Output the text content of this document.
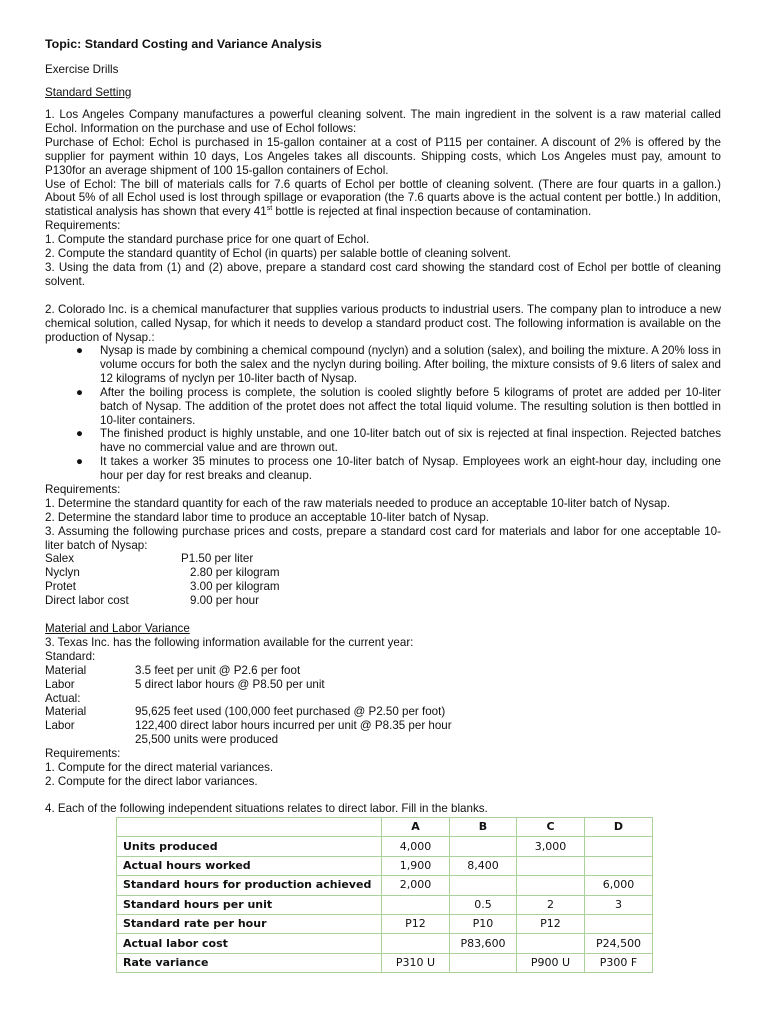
Topic: Standard Costing and Variance Analysis
Exercise Drills
Standard Setting

1. Los Angeles Company manufactures a powerful cleaning solvent. The main ingredient in the solvent is a raw material called Echol. Information on the purchase and use of Echol follows:

Purchase of Echol: Echol is purchased in 15-gallon container at a cost of P115 per container. A discount of 2% is offered by the supplier for payment within 10 days, Los Angeles takes all discounts. Shipping costs, which Los Angeles must pay, amount to P130for an average shipment of 100 15-gallon containers of Echol.

Use of Echol: The bill of materials calls for 7.6 quarts of Echol per bottle of cleaning solvent. (There are four quarts in a gallon.) About 5% of all Echol used is lost through spillage or evaporation (the 7.6 quarts above is the actual content per bottle.) In addition, statistical analysis has shown that every 41st bottle is rejected at final inspection because of contamination.

Requirements:

1. Compute the standard purchase price for one quart of Echol.

2. Compute the standard quantity of Echol (in quarts) per salable bottle of cleaning solvent.

3. Using the data from (1) and (2) above, prepare a standard cost card showing the standard cost of Echol per bottle of cleaning solvent.

2. Colorado Inc. is a chemical manufacturer that supplies various products to industrial users. The company plan to introduce a new chemical solution, called Nysap, for which it needs to develop a standard product cost. The following information is available on the production of Nysap.:
● Nysap is made by combining a chemical compound (nyclyn) and a solution (salex), and boiling the mixture. A 20% loss in volume occurs for both the salex and the nyclyn during boiling. After boiling, the mixture consists of 9.6 liters of salex and 12 kilograms of nyclyn per 10-liter bacth of Nysap.
● After the boiling process is complete, the solution is cooled slightly before 5 kilograms of protet are added per 10-liter batch of Nysap. The addition of the protet does not affect the total liquid volume. The resulting solution is then bottled in 10-liter containers.
● The finished product is highly unstable, and one 10-liter batch out of six is rejected at final inspection. Rejected batches have no commercial value and are thrown out.
● It takes a worker 35 minutes to process one 10-liter batch of Nysap. Employees work an eight-hour day, including one hour per day for rest breaks and cleanup.

Requirements:

1. Determine the standard quantity for each of the raw materials needed to produce an acceptable 10-liter batch of Nysap.

2. Determine the standard labor time to produce an acceptable 10-liter batch of Nysap.

3. Assuming the following purchase prices and costs, prepare a standard cost card for materials and labor for one acceptable 10-liter batch of Nysap:

Salex	P1.50 per liter
Nyclyn	2.80 per kilogram
Protet	3.00 per kilogram
Direct labor cost	9.00 per hour
Material and Labor Variance
3. Texas Inc. has the following information available for the current year:
Standard:
Material	3.5 feet per unit @ P2.6 per foot
Labor	5 direct labor hours @ P8.50 per unit
Actual:
Material	95,625 feet used (100,000 feet purchased @ P2.50 per foot)
Labor	122,400 direct labor hours incurred per unit @ P8.35 per hour
25,500 units were produced
Requirements:
1. Compute for the direct material variances.
2. Compute for the direct labor variances.
4. Each of the following independent situations relates to direct labor. Fill in the blanks.
	A	B	C	D
Units produced	4,000		3,000	
Actual hours worked	1,900	8,400		
Standard hours for production achieved	2,000			6,000
Standard hours per unit		0.5	2	3
Standard rate per hour	P12	P10	P12	
Actual labor cost		P83,600		P24,500
Rate variance	P310 U		P900 U	P300 F
